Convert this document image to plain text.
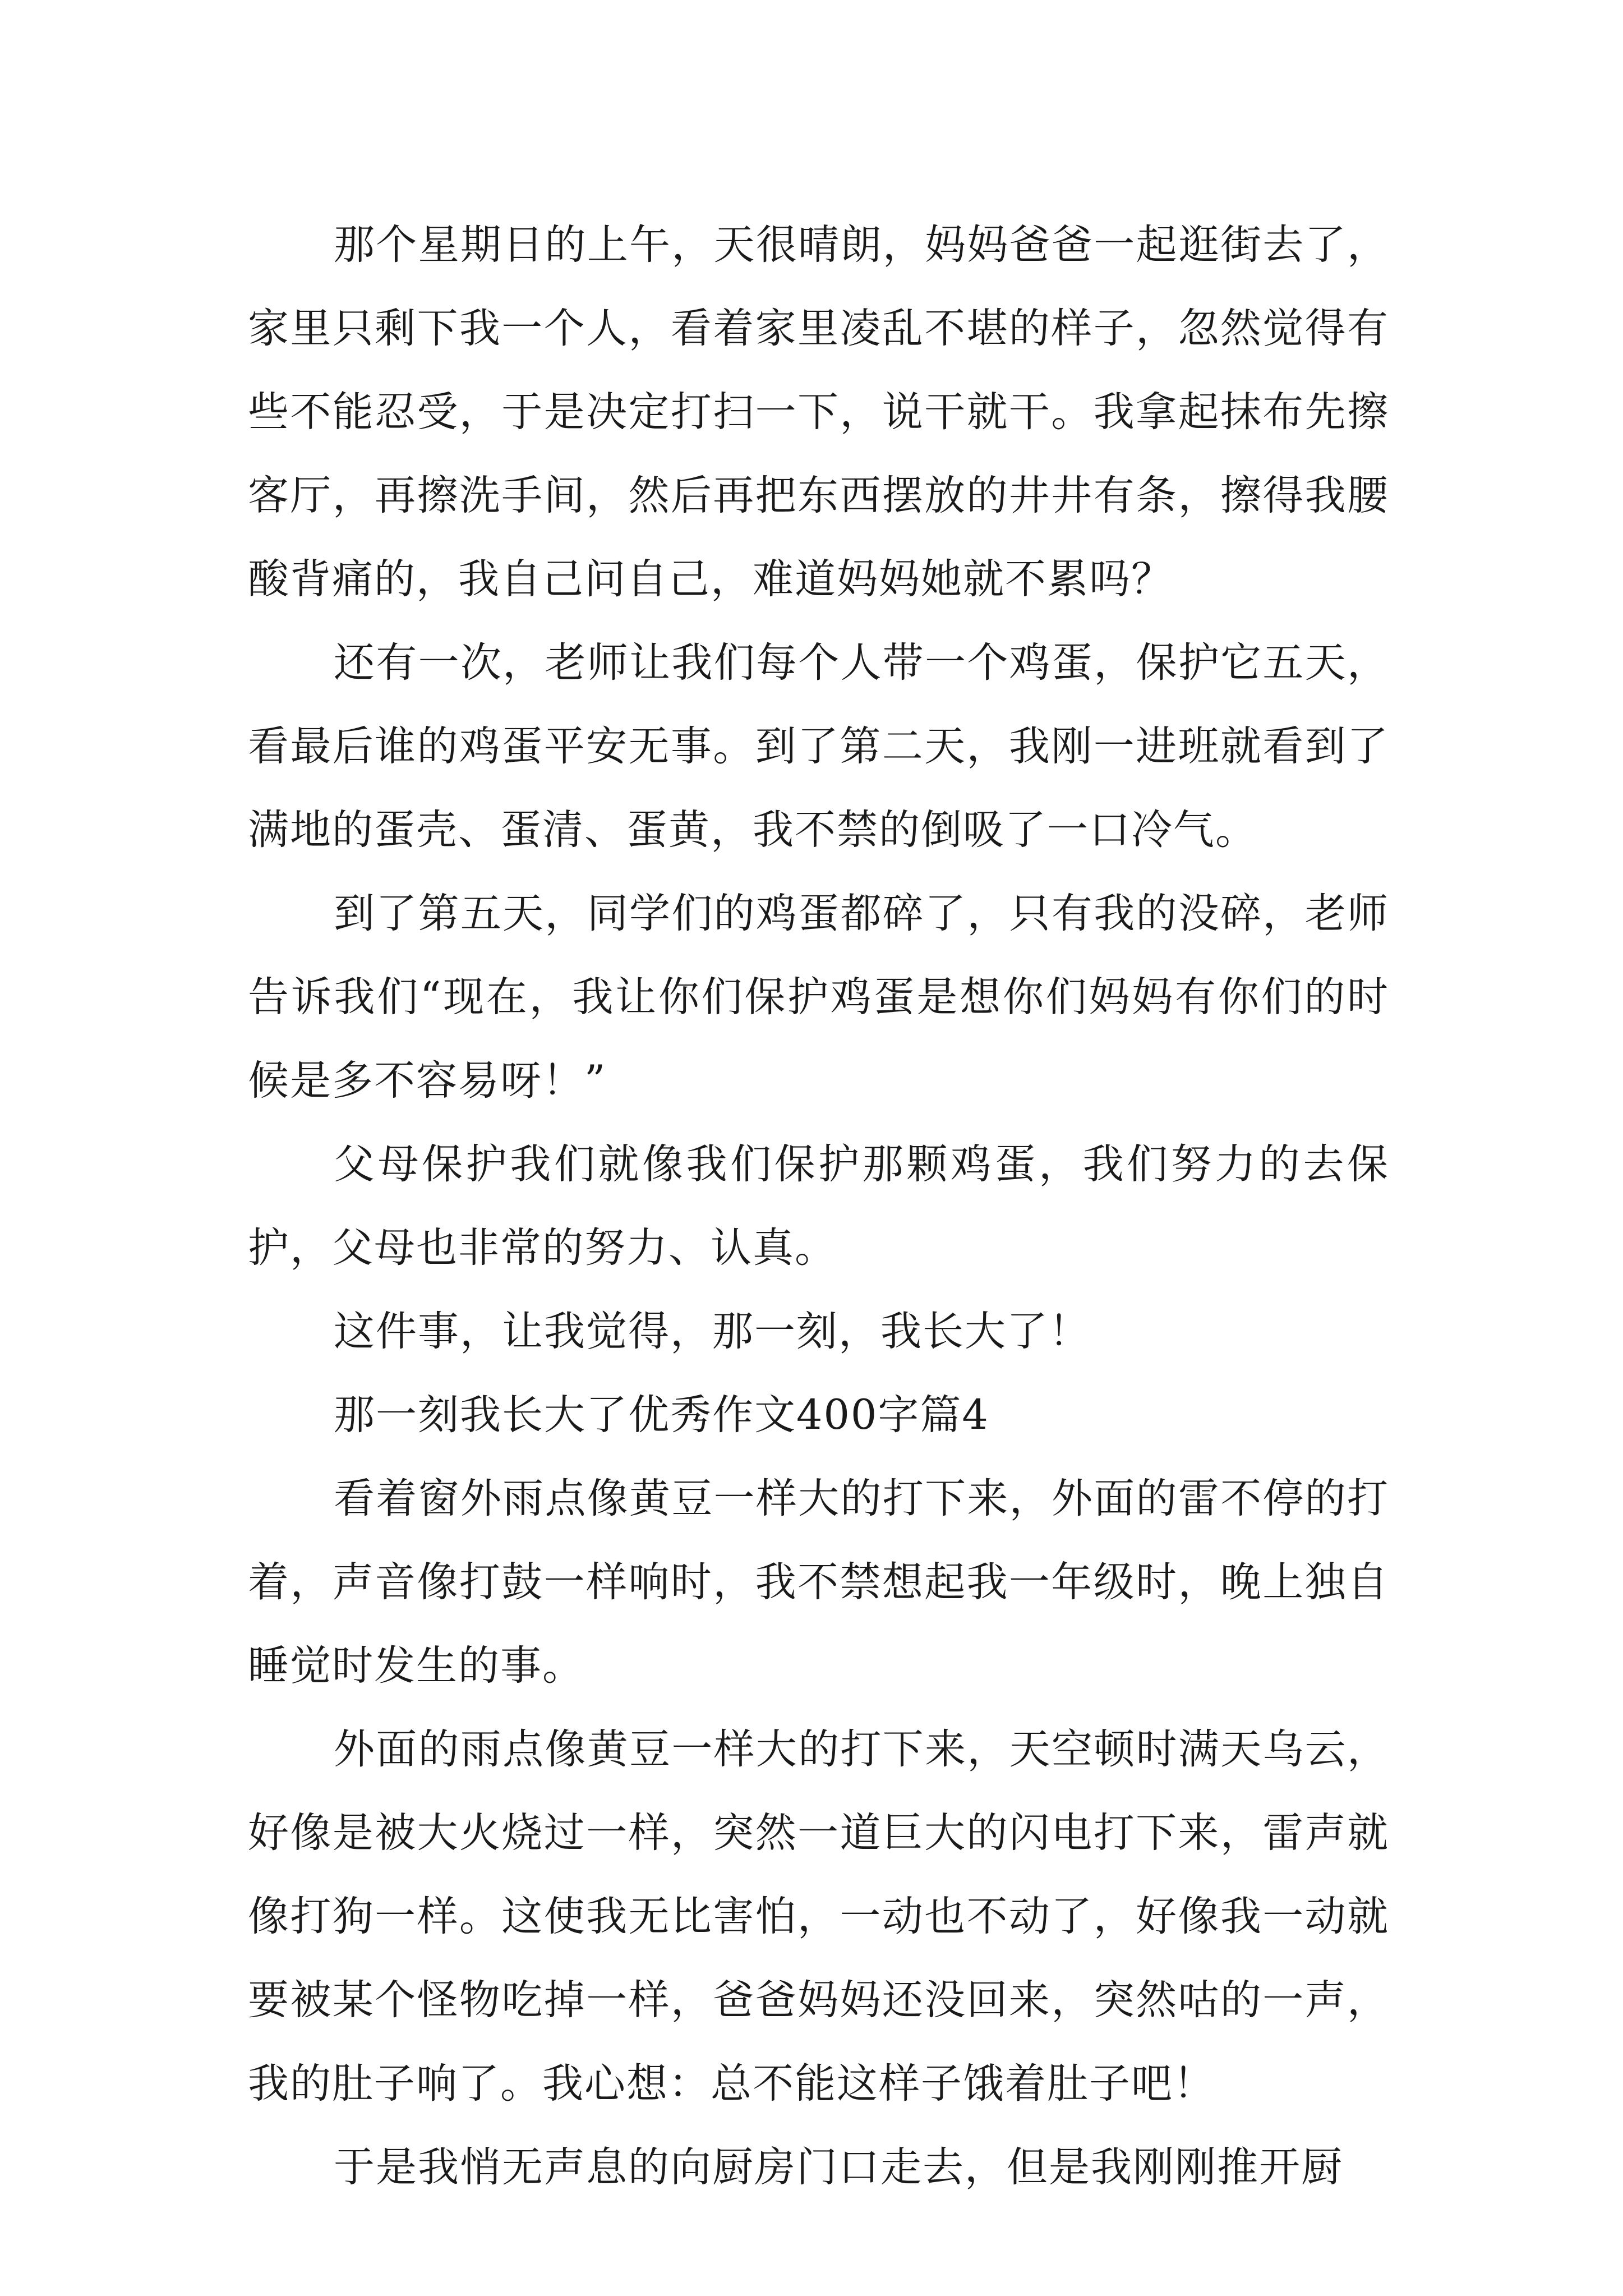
那个星期日的上午，天很晴朗，妈妈爸爸一起逛街去了，家里只剩下我一个人，看着家里凌乱不堪的样子，忽然觉得有些不能忍受，于是决定打扫一下，说干就干。我拿起抹布先擦客厅，再擦洗手间，然后再把东西摆放的井井有条，擦得我腰酸背痛的，我自己问自己，难道妈妈她就不累吗？

还有一次，老师让我们每个人带一个鸡蛋，保护它五天，看最后谁的鸡蛋平安无事。到了第二天，我刚一进班就看到了满地的蛋壳、蛋清、蛋黄，我不禁的倒吸了一口冷气。

到了第五天，同学们的鸡蛋都碎了，只有我的没碎，老师告诉我们“现在，我让你们保护鸡蛋是想你们妈妈有你们的时候是多不容易呀！”

父母保护我们就像我们保护那颗鸡蛋，我们努力的去保护，父母也非常的努力、认真。

这件事，让我觉得，那一刻，我长大了！

那一刻我长大了优秀作文400字篇4

看着窗外雨点像黄豆一样大的打下来，外面的雷不停的打着，声音像打鼓一样响时，我不禁想起我一年级时，晚上独自睡觉时发生的事。

外面的雨点像黄豆一样大的打下来，天空顿时满天乌云，好像是被大火烧过一样，突然一道巨大的闪电打下来，雷声就像打狗一样。这使我无比害怕，一动也不动了，好像我一动就要被某个怪物吃掉一样，爸爸妈妈还没回来，突然咕的一声，我的肚子响了。我心想：总不能这样子饿着肚子吧！

于是我悄无声息的向厨房门口走去，但是我刚刚推开厨
